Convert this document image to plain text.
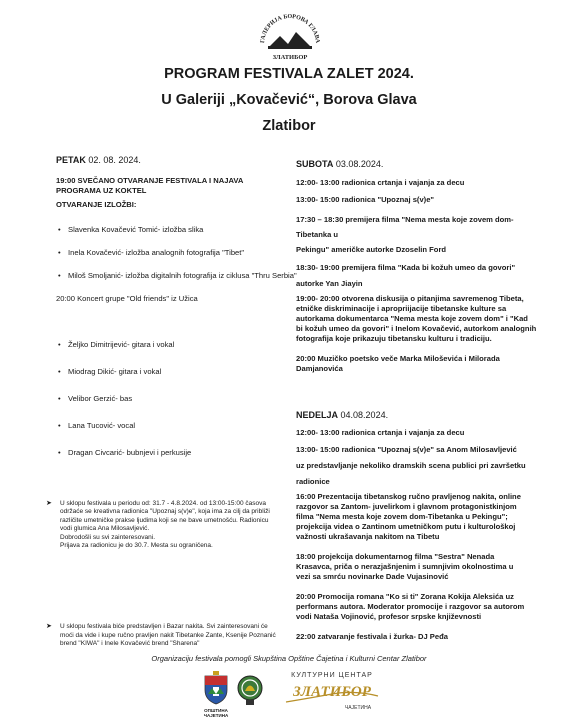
ГАЛЕРИЈА БОРОВА ГЛАВА
ЗЛАТИБОР
PROGRAM FESTIVALA ZALET 2024.
U Galeriji „Kovačević“, Borova Glava
Zlatibor
PETAK 02. 08. 2024.
19:00 SVEČANO OTVARANJE FESTIVALA I NAJAVA PROGRAMA UZ KOKTEL
OTVARANJE IZLOŽBI:
• Slavenka Kovačević Tomić- izložba slika
• Inela Kovačević- izložba analognih fotografija "Tibet"
• Miloš Smoljanić- izložba digitalnih fotografija iz ciklusa "Thru Serbia"
20:00 Koncert grupe "Old friends" iz Užica
• Željko Dimitrijević- gitara i vokal
• Miodrag Dikić- gitara i vokal
• Velibor Gerzić- bas
• Lana Tucović- vocal
• Dragan Civcarić- bubnjevi i perkusije
➤ U sklopu festivala u periodu od: 31.7 - 4.8.2024. od 13:00-15:00 časova
održaće se kreativna radionica "Upoznaj s(v)e", koja ima za cilj da približi
različite umetničke prakse ljudima koji se ne bave umetnošću. Radionicu
vodi glumica Ana Milosavljević.
Dobrodošli su svi zainteresovani.
Prijava za radionicu je do 30.7. Mesta su ograničena.
➤ U sklopu festivala biće predstavljen i Bazar nakita. Svi zainteresovani će
moći da vide i kupe ručno pravljen nakit Tibetanke Zante, Ksenije Poznanić
brend "KIWA" i Inele Kovačević brend "Sharena"
SUBOTA 03.08.2024.
12:00- 13:00 radionica crtanja i vajanja za decu
13:00- 15:00 radionica "Upoznaj s(v)e"
17:30 – 18:30 premijera filma "Nema mesta koje zovem dom-
Tibetanka u
Pekingu" američke autorke Dzoselin Ford
18:30- 19:00 premijera filma "Kada bi kožuh umeo da govori"
autorke Yan Jiayin
19:00- 20:00 otvorena diskusija o pitanjima savremenog Tibeta,
etničke diskriminacije i apropriijacije tibetanske kulture sa
autorkama dokumentarca "Nema mesta koje zovem dom" i "Kad
bi kožuh umeo da govori" i Inelom Kovačević, autorkom analognih
fotografija koje prikazuju tibetansku kulturu i tradiciju.
20:00 Muzičko poetsko veče Marka Miloševića i Milorada
Damjanovića
NEDELJA 04.08.2024.
12:00- 13:00 radionica crtanja i vajanja za decu
13:00- 15:00 radionica "Upoznaj s(v)e" sa Anom Milosavljević
uz predstavljanje nekoliko dramskih scena publici pri završetku
radionice
16:00 Prezentacija tibetanskog ručno pravljenog nakita, online
razgovor sa Zantom- juvelirkom i glavnom protagonistkinjom
filma "Nema mesta koje zovem dom-Tibetanka u Pekingu";
projekcija videa o Zantinom umetničkom putu i kulturološkoj
važnosti ukrašavanja nakitom na Tibetu
18:00 projekcija dokumentarnog filma "Sestra" Nenada
Krasavca, priča o nerazjašnjenim i sumnjivim okolnostima u
vezi sa smrću novinarke Dade Vujasinović
20:00 Promocija romana "Ko si ti" Zorana Kokija Aleksića uz
performans autora. Moderator promocije i razgovor sa autorom
vodi Nataša Vojinović, profesor srpske književnosti
22:00 zatvaranje festivala i žurka- DJ Peđa
Organizaciju festivala pomogli Skupština Opštine Čajetina i Kulturni Centar Zlatibor
ОПШТИНА ЧАЈЕТИНА
КУЛТУРНИ ЦЕНТАР
ЗЛАТИБОР
ЧАЈЕТИНА
